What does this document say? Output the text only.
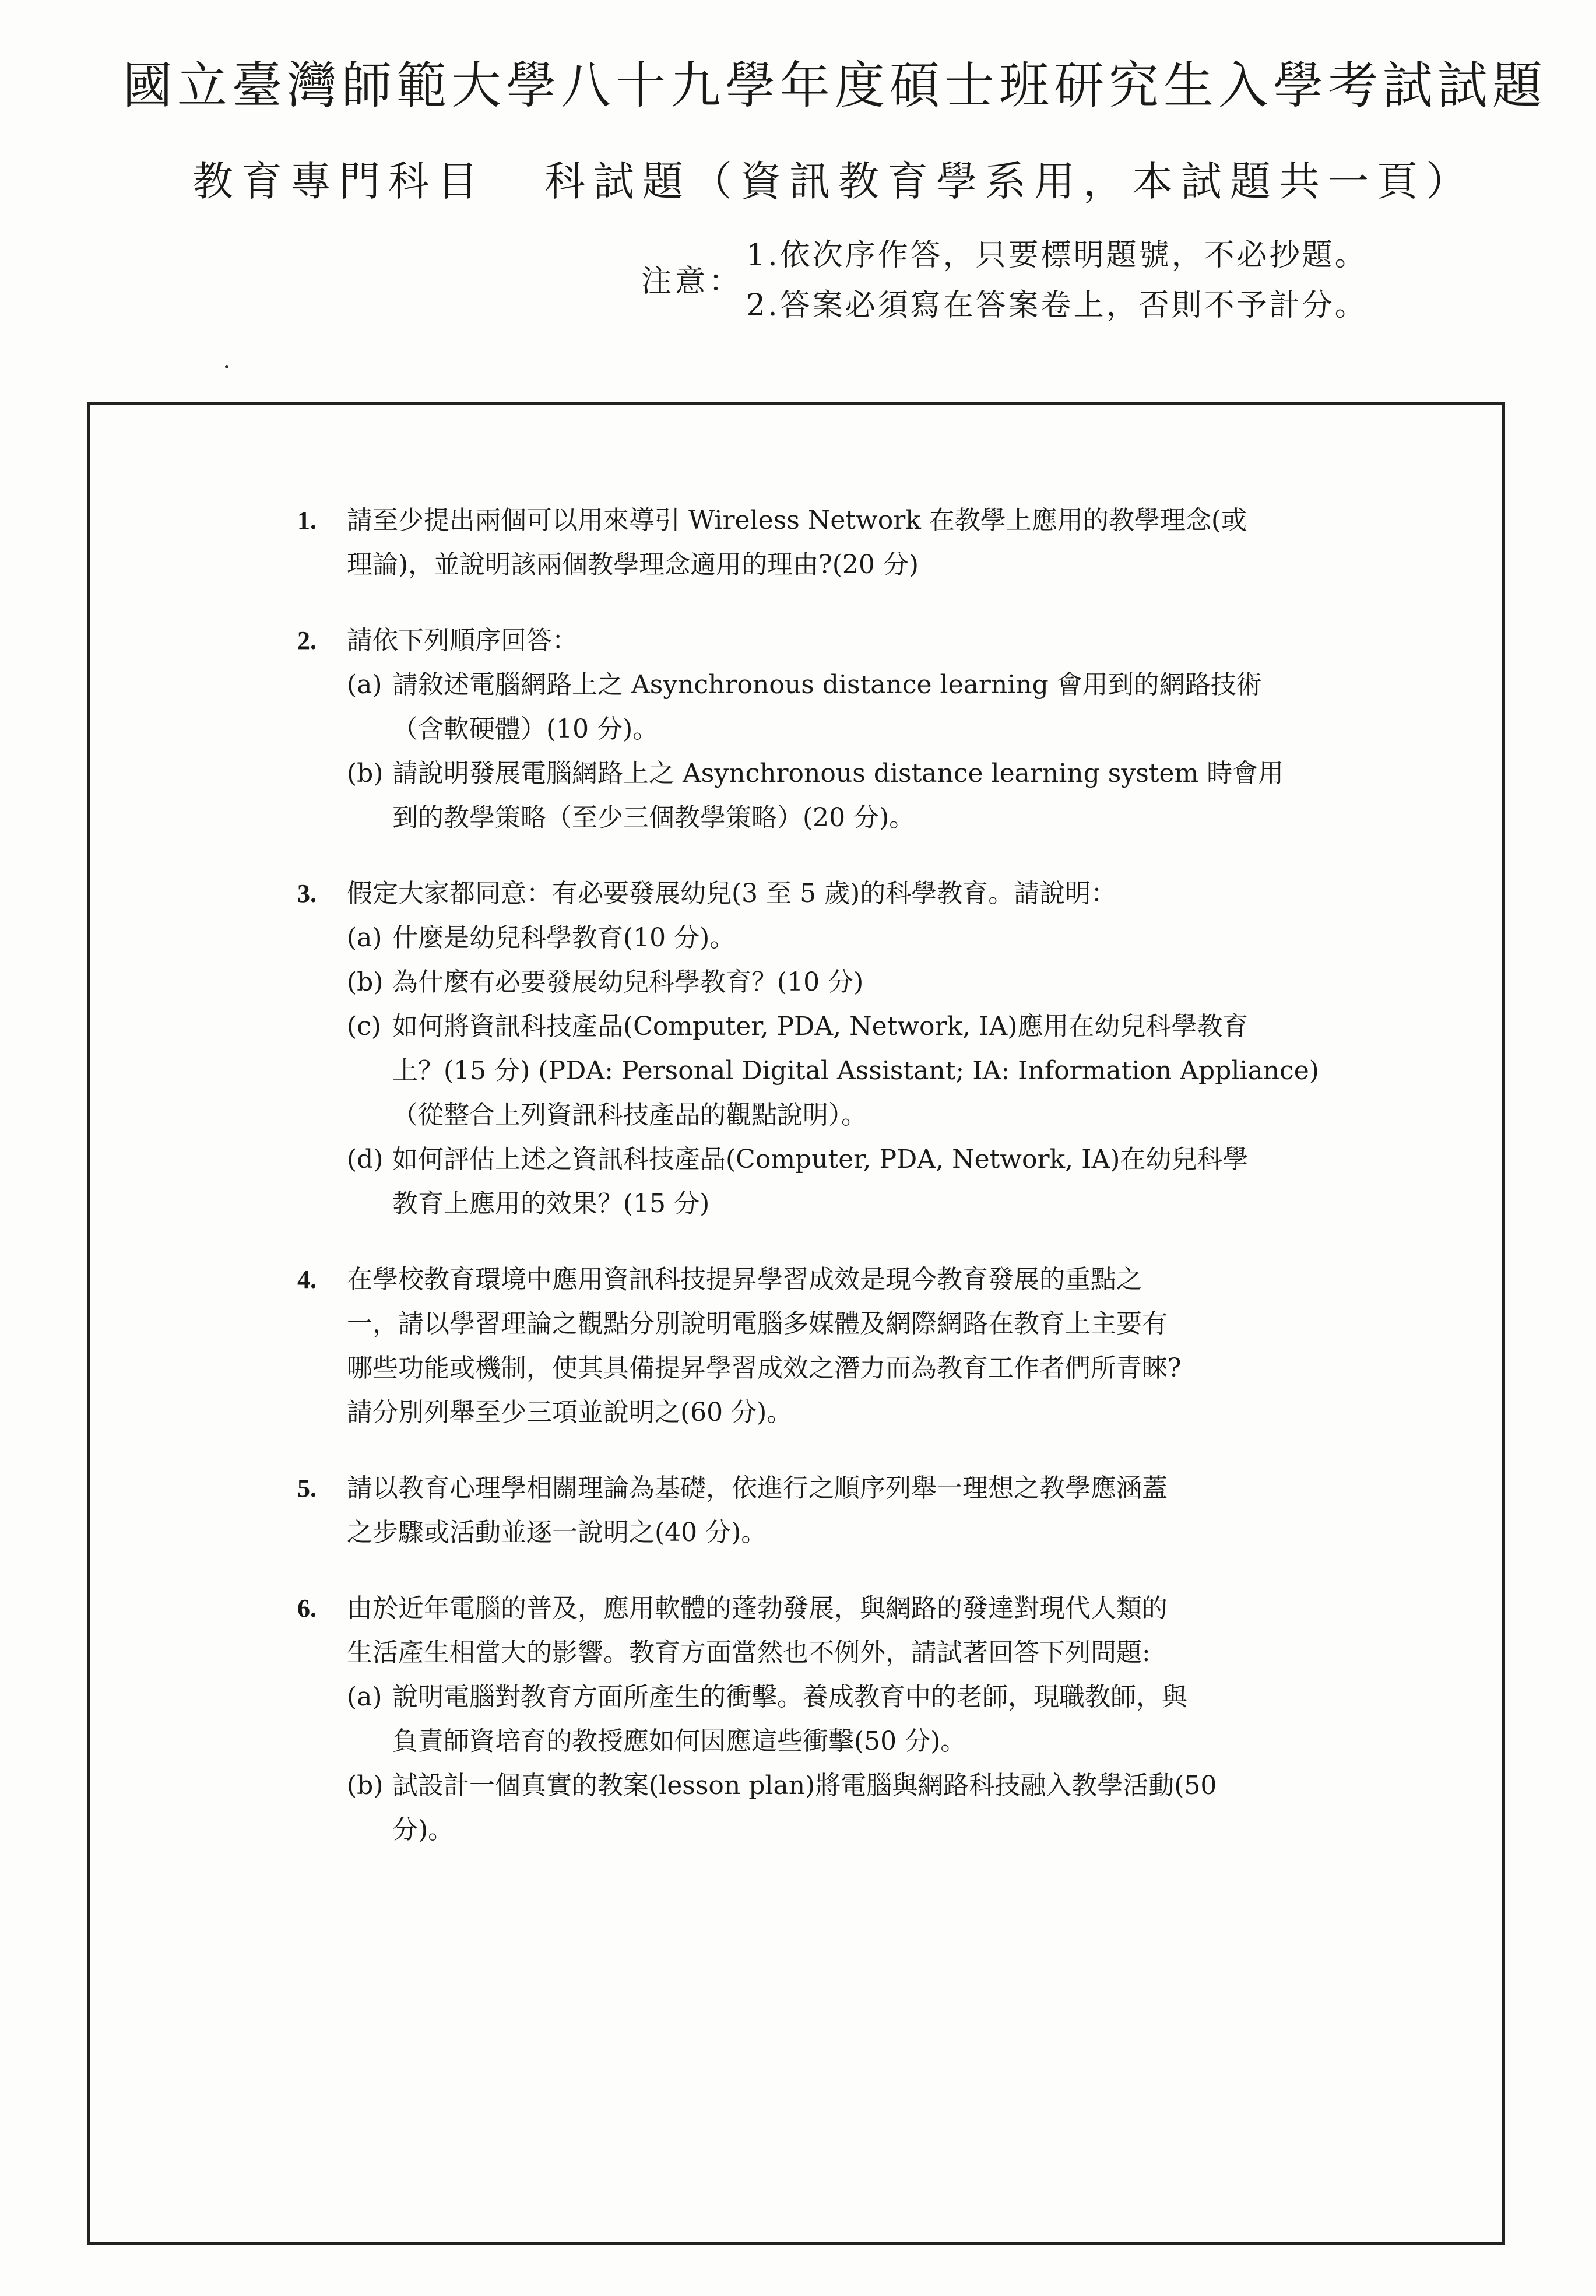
國立臺灣師範大學八十九學年度碩士班研究生入學考試試題
教育專門科目 科試題（資訊教育學系用，本試題共一頁）
注意：
1.依次序作答，只要標明題號，不必抄題。
2.答案必須寫在答案卷上，否則不予計分。
1. 請至少提出兩個可以用來導引 Wireless Network 在教學上應用的教學理念(或
理論)，並說明該兩個教學理念適用的理由?(20 分)
2. 請依下列順序回答：
(a) 請敘述電腦網路上之 Asynchronous distance learning 會用到的網路技術
（含軟硬體）(10 分)。
(b) 請說明發展電腦網路上之 Asynchronous distance learning system 時會用
到的教學策略（至少三個教學策略）(20 分)。
3. 假定大家都同意：有必要發展幼兒(3 至 5 歲)的科學教育。請說明：
(a) 什麼是幼兒科學教育(10 分)。
(b) 為什麼有必要發展幼兒科學教育？(10 分)
(c) 如何將資訊科技產品(Computer, PDA, Network, IA)應用在幼兒科學教育
上？(15 分) (PDA: Personal Digital Assistant; IA: Information Appliance)
（從整合上列資訊科技產品的觀點說明）。
(d) 如何評估上述之資訊科技產品(Computer, PDA, Network, IA)在幼兒科學
教育上應用的效果？(15 分)
4. 在學校教育環境中應用資訊科技提昇學習成效是現今教育發展的重點之
一，請以學習理論之觀點分別說明電腦多媒體及網際網路在教育上主要有
哪些功能或機制，使其具備提昇學習成效之潛力而為教育工作者們所青睞?
請分別列舉至少三項並說明之(60 分)。
5. 請以教育心理學相關理論為基礎，依進行之順序列舉一理想之教學應涵蓋
之步驟或活動並逐一說明之(40 分)。
6. 由於近年電腦的普及，應用軟體的蓬勃發展，與網路的發達對現代人類的
生活產生相當大的影響。教育方面當然也不例外，請試著回答下列問題:
(a) 說明電腦對教育方面所產生的衝擊。養成教育中的老師，現職教師，與
負責師資培育的教授應如何因應這些衝擊(50 分)。
(b) 試設計一個真實的教案(lesson plan)將電腦與網路科技融入教學活動(50
分)。
